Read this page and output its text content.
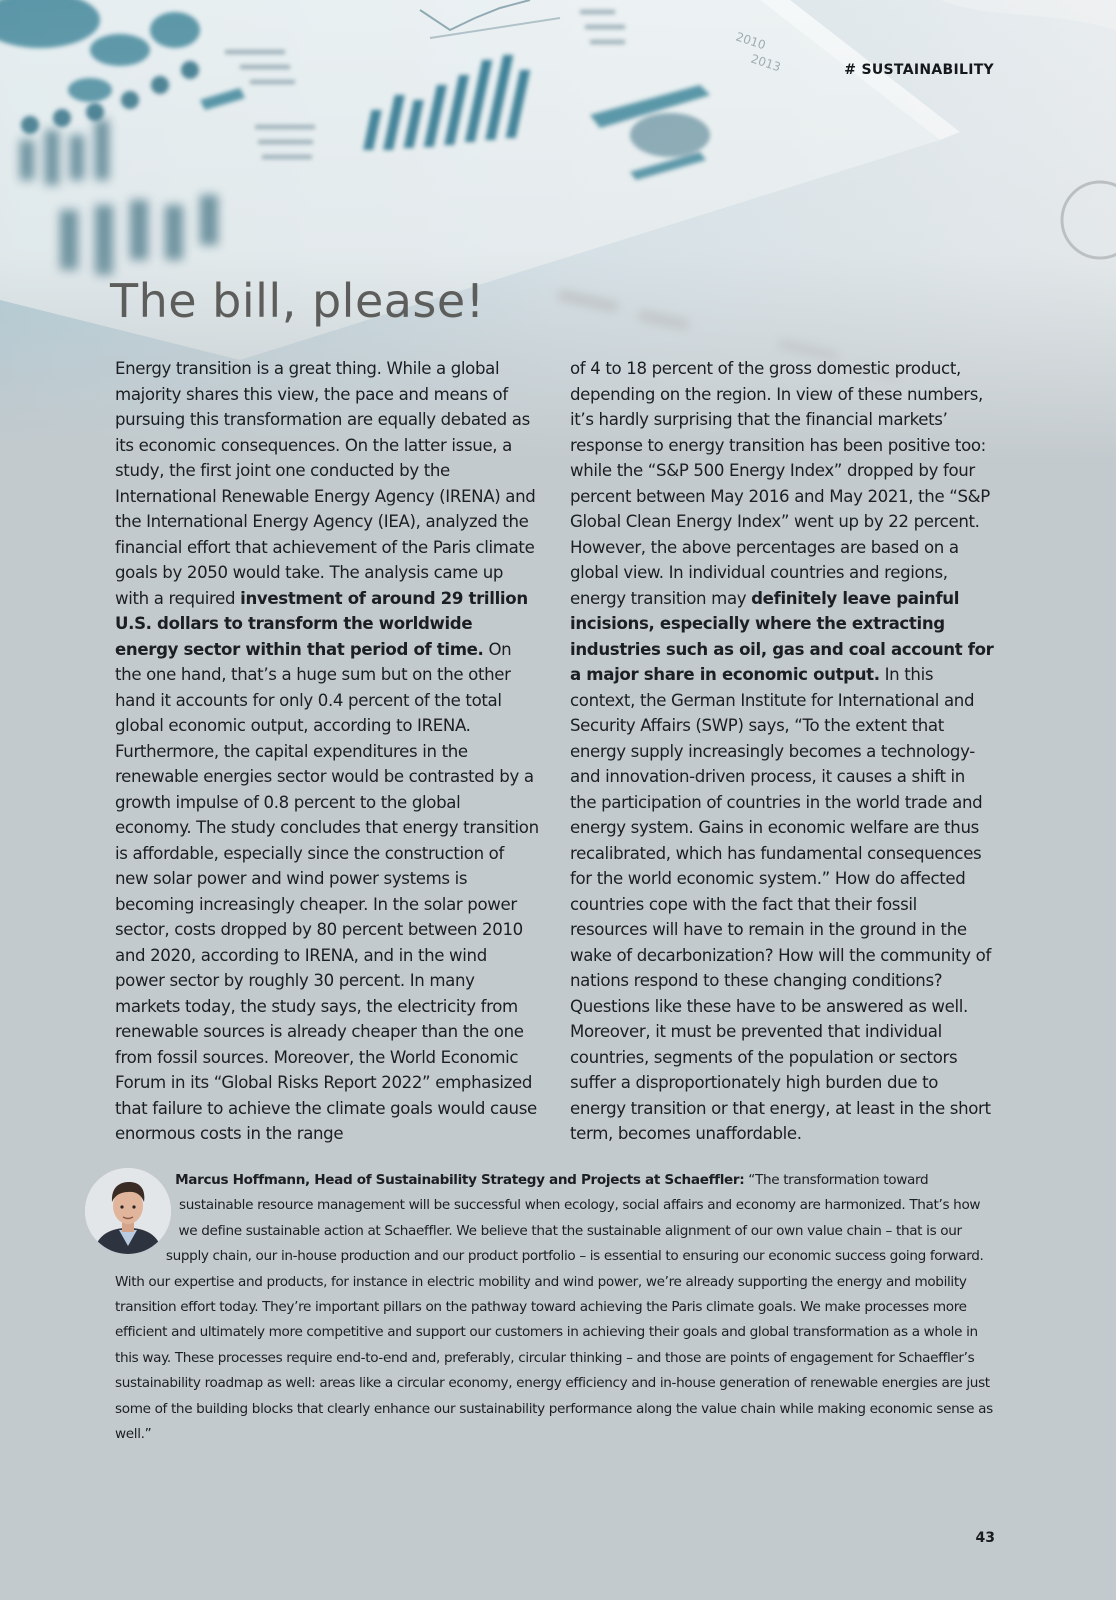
# SUSTAINABILITY
The bill, please!
Energy transition is a great thing. While a global majority shares this view, the pace and means of pursuing this transformation are equally debated as its economic consequences. On the latter issue, a study, the first joint one conducted by the International Renewable Energy Agency (IRENA) and the International Energy Agency (IEA), analyzed the financial effort that achievement of the Paris climate goals by 2050 would take. The analysis came up with a required investment of around 29 trillion U.S. dollars to transform the worldwide energy sector within that period of time. On the one hand, that’s a huge sum but on the other hand it accounts for only 0.4 percent of the total global economic output, according to IRENA. Furthermore, the capital expenditures in the renewable energies sector would be contrasted by a growth impulse of 0.8 percent to the global economy. The study concludes that energy transition is affordable, especially since the construction of new solar power and wind power systems is becoming increasingly cheaper. In the solar power sector, costs dropped by 80 percent between 2010 and 2020, according to IRENA, and in the wind power sector by roughly 30 percent. In many markets today, the study says, the electricity from renewable sources is already cheaper than the one from fossil sources. Moreover, the World Economic Forum in its “Global Risks Report 2022” emphasized that failure to achieve the climate goals would cause enormous costs in the range
of 4 to 18 percent of the gross domestic product, depending on the region. In view of these numbers, it’s hardly surprising that the financial markets’ response to energy transition has been positive too: while the “S&P 500 Energy Index” dropped by four percent between May 2016 and May 2021, the “S&P Global Clean Energy Index” went up by 22 percent. However, the above percentages are based on a global view. In individual countries and regions, energy transition may definitely leave painful incisions, especially where the extracting industries such as oil, gas and coal account for a major share in economic output. In this context, the German Institute for International and Security Affairs (SWP) says, “To the extent that energy supply increasingly becomes a technology- and innovation-driven process, it causes a shift in the participation of countries in the world trade and energy system. Gains in economic welfare are thus recalibrated, which has fundamental consequences for the world economic system.” How do affected countries cope with the fact that their fossil resources will have to remain in the ground in the wake of decarbonization? How will the community of nations respond to these changing conditions? Questions like these have to be answered as well. Moreover, it must be prevented that individual countries, segments of the population or sectors suffer a disproportionately high burden due to energy transition or that energy, at least in the short term, becomes unaffordable.
Marcus Hoffmann, Head of Sustainability Strategy and Projects at Schaeffler: “The transformation toward sustainable resource management will be successful when ecology, social affairs and economy are harmonized. That’s how we define sustainable action at Schaeffler. We believe that the sustainable alignment of our own value chain – that is our supply chain, our in-house production and our product portfolio – is essential to ensuring our economic success going forward. With our expertise and products, for instance in electric mobility and wind power, we’re already supporting the energy and mobility transition effort today. They’re important pillars on the pathway toward achieving the Paris climate goals. We make processes more efficient and ultimately more competitive and support our customers in achieving their goals and global transformation as a whole in this way. These processes require end-to-end and, preferably, circular thinking – and those are points of engagement for Schaeffler’s sustainability roadmap as well: areas like a circular economy, energy efficiency and in-house generation of renewable energies are just some of the building blocks that clearly enhance our sustainability performance along the value chain while making economic sense as well.”
43
